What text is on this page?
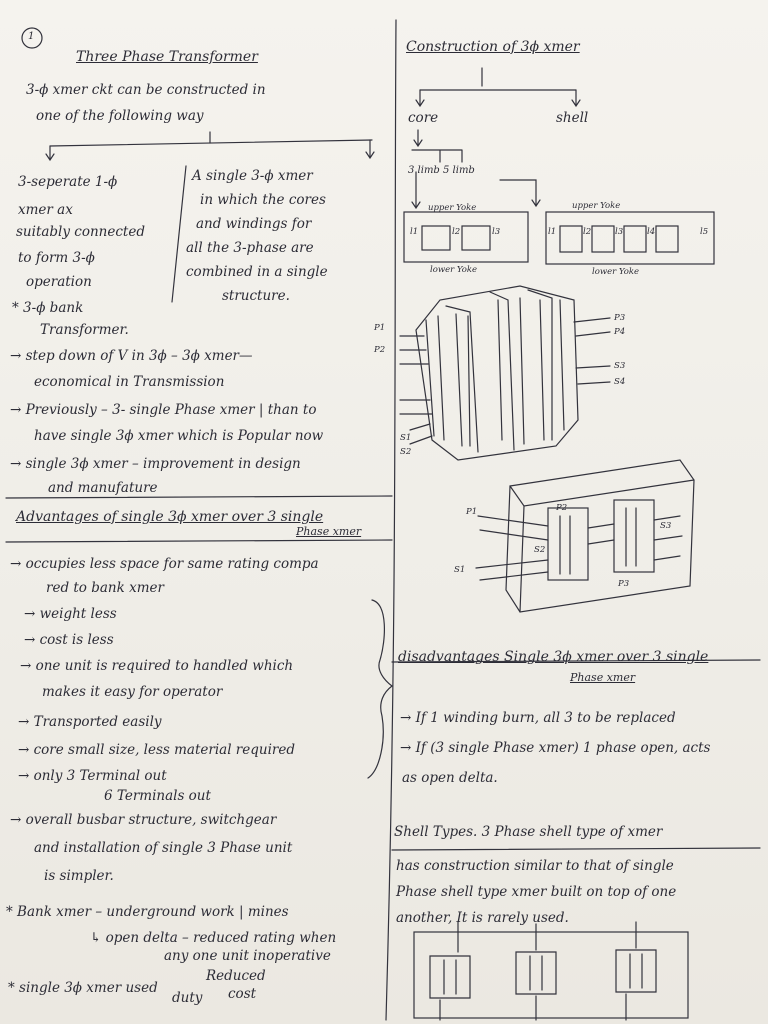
1
Three Phase Transformer
3-ϕ xmer ckt can be constructed in
one of the following way
3-seperate 1-ϕ
xmer ax
suitably connected
to form 3-ϕ
operation
A single 3-ϕ xmer
in which the cores
and windings for
all the 3-phase are
combined in a single
structure.
* 3-ϕ bank
Transformer.
→ step down of V in 3ϕ – 3ϕ xmer—
economical in Transmission
→ Previously – 3- single Phase xmer | than to
have single 3ϕ xmer which is Popular now
→ single 3ϕ xmer – improvement in design
and manufature
Advantages of single 3ϕ xmer over 3 single
Phase xmer
→ occupies less space for same rating compa
red to bank xmer
→ weight less
→ cost is less
→ one unit is required to handled which
makes it easy for operator
→ Transported easily
→ core small size, less material required
→ only 3 Terminal out
6 Terminals out
→ overall busbar structure, switchgear
and installation of single 3 Phase unit
is simpler.
* Bank xmer – underground work | mines
↳ open delta – reduced rating when
any one unit inoperative
* single 3ϕ xmer used
Reduced
duty cost
Construction of 3ϕ xmer
core	shell
3 limb 5 limb
upper Yoke
lower Yoke
upper Yoke
lower Yoke
l1	l2	l3	l1	l2	l3	l4	l5
P3
P4
S3
S4
P1
P2
S1
S2
P1	P2
S1
S2
S3
P3
disadvantages Single 3ϕ xmer over 3 single
Phase xmer
→ If 1 winding burn, all 3 to be replaced
→ If (3 single Phase xmer) 1 phase open, acts
as open delta.
Shell Types. 3 Phase shell type of xmer
has construction similar to that of single
Phase shell type xmer built on top of one
another, It is rarely used.
